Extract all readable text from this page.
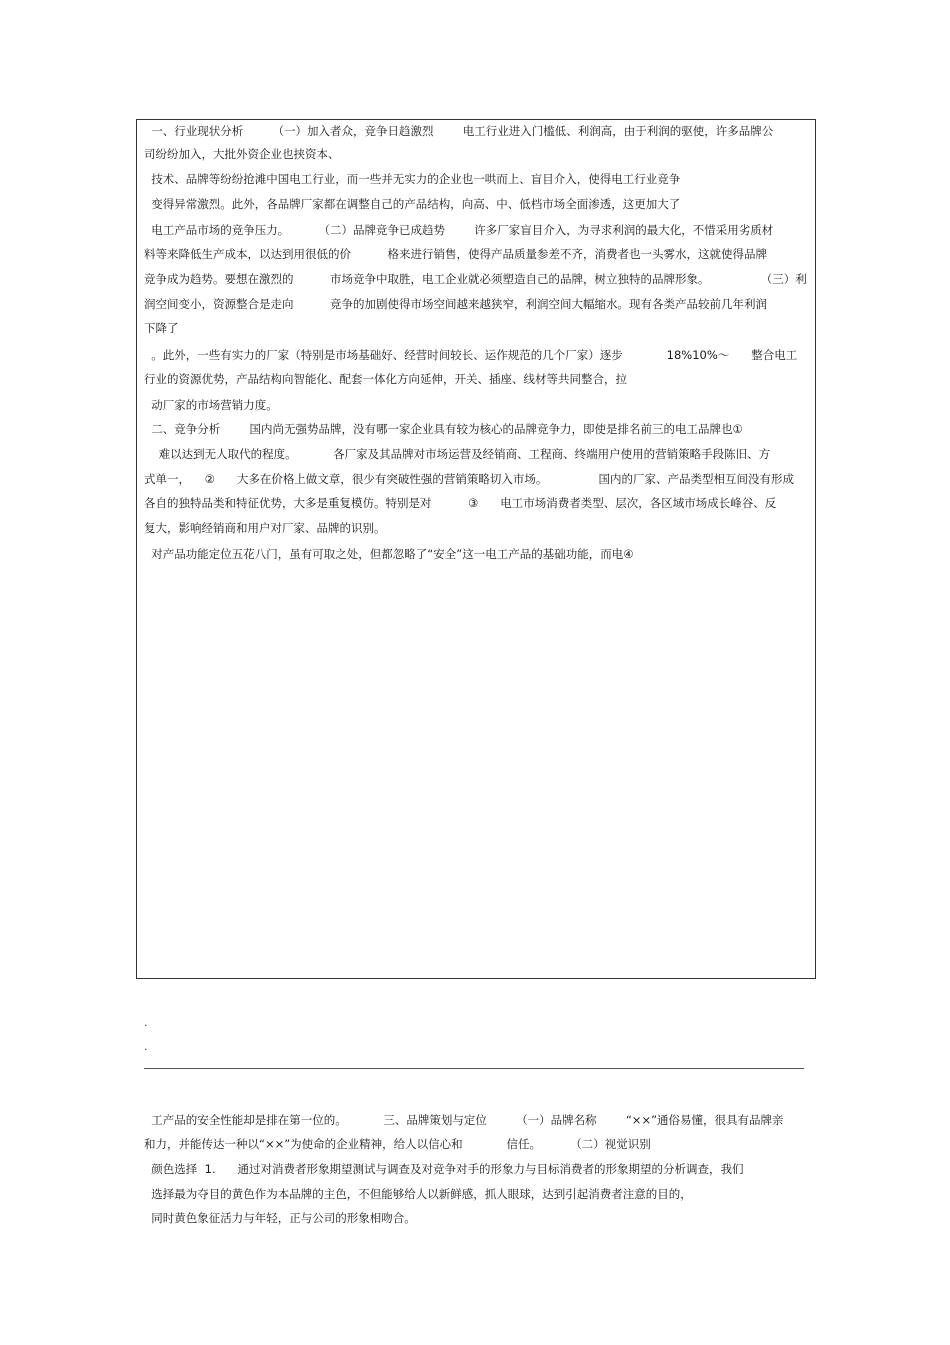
一、行业现状分析        （一）加入者众，竞争日趋激烈        电工行业进入门槛低、利润高，由于利润的驱使，许多品牌公
司纷纷加入，大批外资企业也挟资本、
技术、品牌等纷纷抢滩中国电工行业，而一些并无实力的企业也一哄而上、盲目介入，使得电工行业竞争
变得异常激烈。此外，各品牌厂家都在调整自己的产品结构，向高、中、低档市场全面渗透，这更加大了
电工产品市场的竞争压力。        （二）品牌竞争已成趋势        许多厂家盲目介入，为寻求利润的最大化，不惜采用劣质材
料等来降低生产成本，以达到用很低的价          格来进行销售，使得产品质量参差不齐，消费者也一头雾水，这就使得品牌
竞争成为趋势。要想在激烈的          市场竞争中取胜，电工企业就必须塑造自己的品牌，树立独特的品牌形象。              （三）利
润空间变小，资源整合是走向          竞争的加剧使得市场空间越来越狭窄，利润空间大幅缩水。现有各类产品较前几年利润
下降了
。此外，一些有实力的厂家（特别是市场基础好、经营时间较长、运作规范的几个厂家）逐步            18%10%～      整合电工
行业的资源优势，产品结构向智能化、配套一体化方向延伸，开关、插座、线材等共同整合，拉
动厂家的市场营销力度。
二、竞争分析        国内尚无强势品牌，没有哪一家企业具有较为核心的品牌竞争力，即使是排名前三的电工品牌也①
难以达到无人取代的程度。          各厂家及其品牌对市场运营及经销商、工程商、终端用户使用的营销策略手段陈旧、方
式单一，    ②      大多在价格上做文章，很少有突破性强的营销策略切入市场。              国内的厂家、产品类型相互间没有形成
各自的独特品类和特征优势，大多是重复模仿。特别是对          ③      电工市场消费者类型、层次，各区域市场成长峰谷、反
复大，影响经销商和用户对厂家、品牌的识别。
对产品功能定位五花八门，虽有可取之处，但都忽略了“安全”这一电工产品的基础功能，而电④
.
.
工产品的安全性能却是排在第一位的。          三、品牌策划与定位        （一）品牌名称        “××”通俗易懂，很具有品牌亲
和力，并能传达一种以“××”为使命的企业精神，给人以信心和            信任。        （二）视觉识别
颜色选择  1.      通过对消费者形象期望测试与调查及对竞争对手的形象力与目标消费者的形象期望的分析调查，我们
选择最为夺目的黄色作为本品牌的主色，不但能够给人以新鲜感，抓人眼球，达到引起消费者注意的目的，
同时黄色象征活力与年轻，正与公司的形象相吻合。
